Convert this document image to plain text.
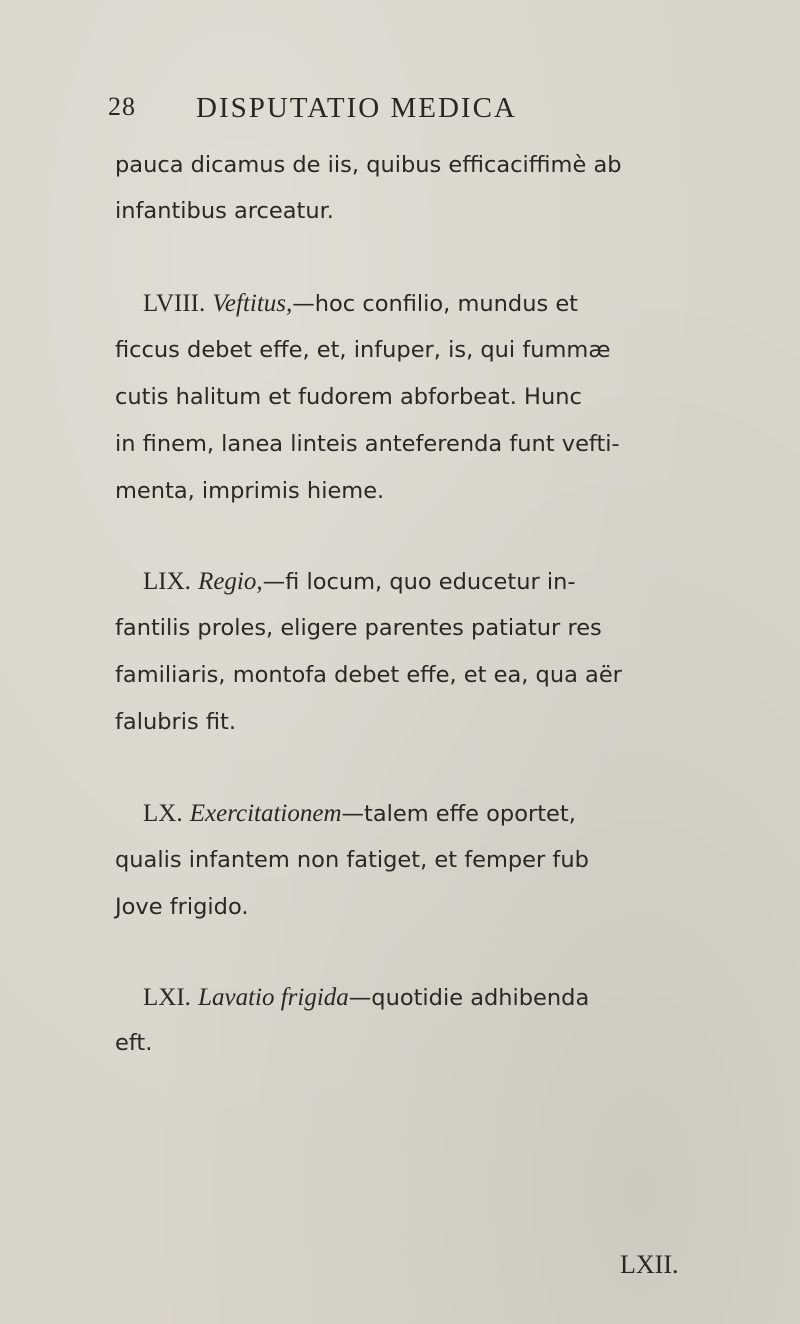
28 DISPUTATIO MEDICA
pauca dicamus de iis, quibus efficaciffimè ab
infantibus arceatur.
LVIII. Veftitus,—hoc confilio, mundus et
ficcus debet effe, et, infuper, is, qui fummæ
cutis halitum et fudorem abforbeat. Hunc
in finem, lanea linteis anteferenda funt vefti-
menta, imprimis hieme.
LIX. Regio,—fi locum, quo educetur in-
fantilis proles, eligere parentes patiatur res
familiaris, montofa debet effe, et ea, qua aër
falubris fit.
LX. Exercitationem—talem effe oportet,
qualis infantem non fatiget, et femper fub
Jove frigido.
LXI. Lavatio frigida—quotidie adhibenda
eft.
LXII.
